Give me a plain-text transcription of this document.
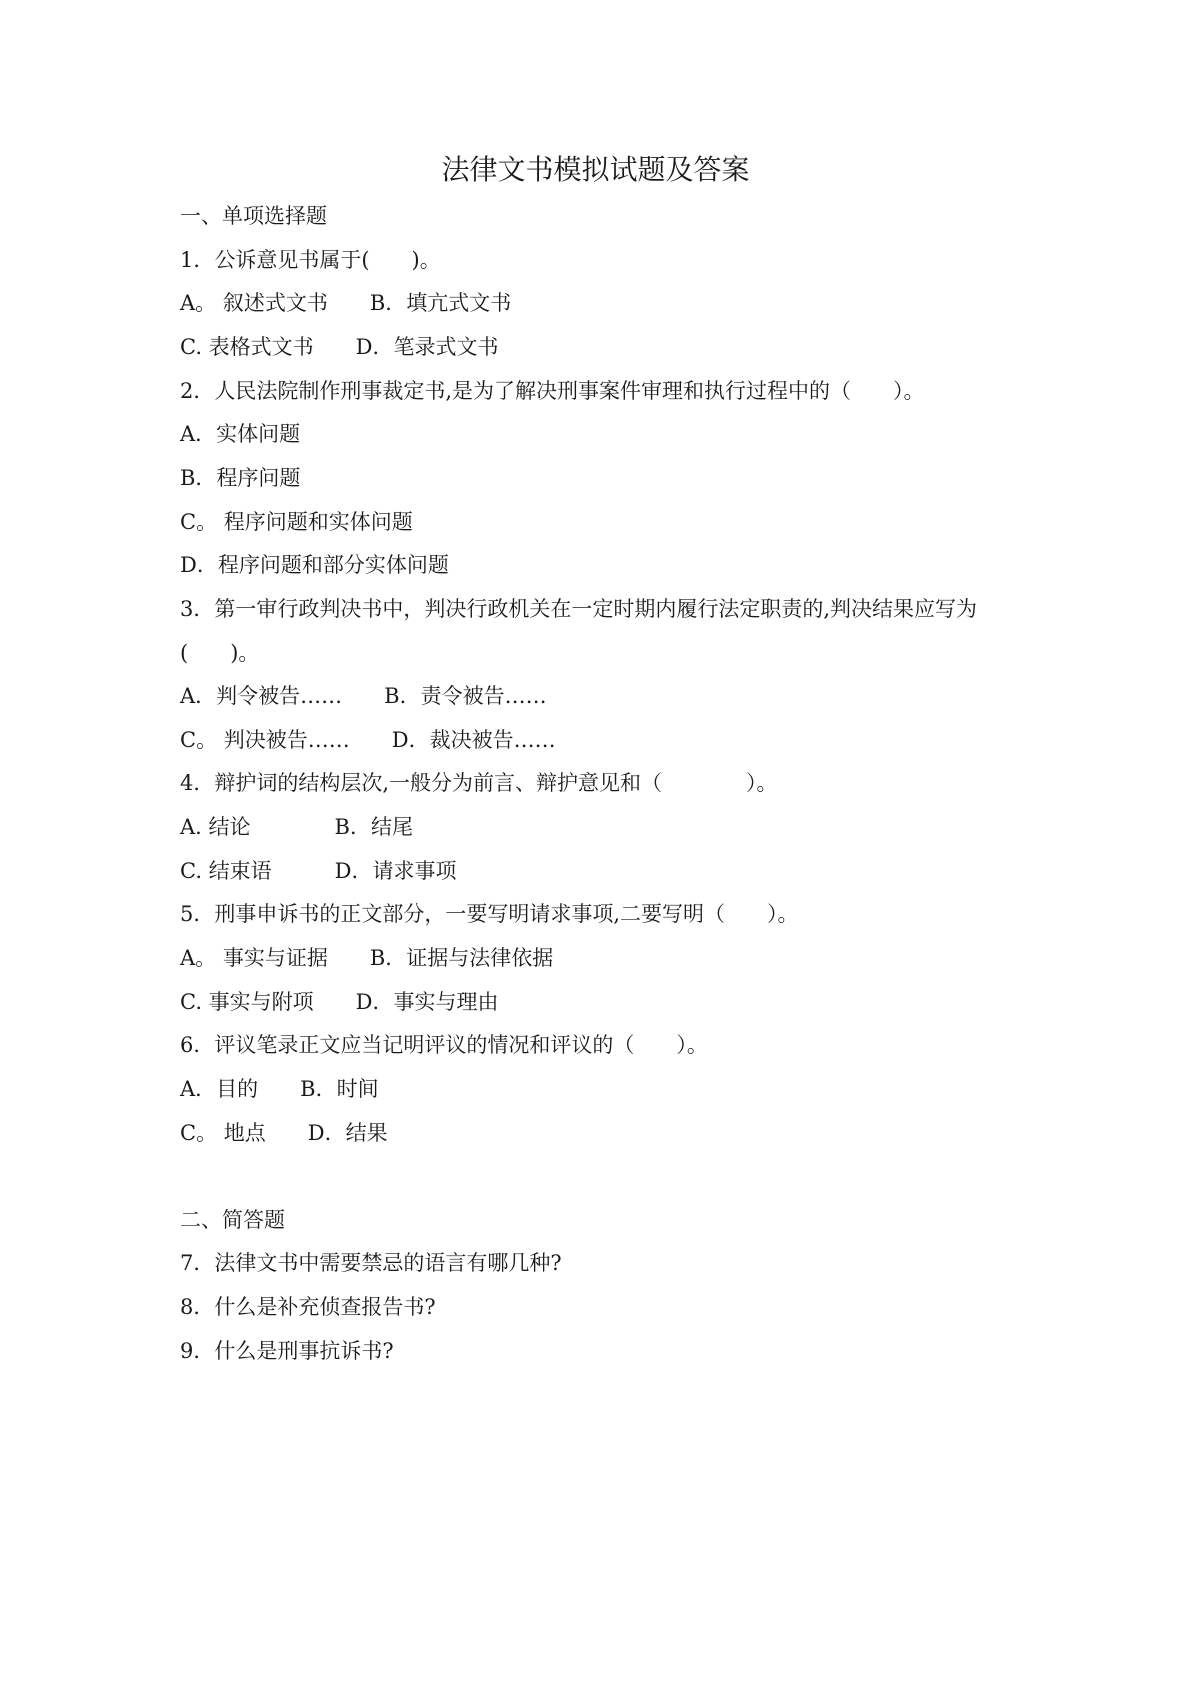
法律文书模拟试题及答案
一、单项选择题
1．公诉意见书属于(　　)。
A。 叙述式文书　　B．填亢式文书
C. 表格式文书　　D．笔录式文书
2．人民法院制作刑事裁定书,是为了解决刑事案件审理和执行过程中的（　　）。
A．实体问题
B．程序问题
C。 程序问题和实体问题
D．程序问题和部分实体问题
3．第一审行政判决书中，判决行政机关在一定时期内履行法定职责的,判决结果应写为
(　　)。
A．判令被告……　　B．责令被告……
C。 判决被告……　　D．裁决被告……
4．辩护词的结构层次,一般分为前言、辩护意见和（　　　　）。
A. 结论　　　　B．结尾
C. 结束语　　　D．请求事项
5．刑事申诉书的正文部分，一要写明请求事项,二要写明（　　）。
A。 事实与证据　　B．证据与法律依据
C. 事实与附项　　D．事实与理由
6．评议笔录正文应当记明评议的情况和评议的（　　）。
A．目的　　B．时间
C。 地点　　D．结果
二、简答题
7．法律文书中需要禁忌的语言有哪几种?
8．什么是补充侦查报告书?
9．什么是刑事抗诉书?
